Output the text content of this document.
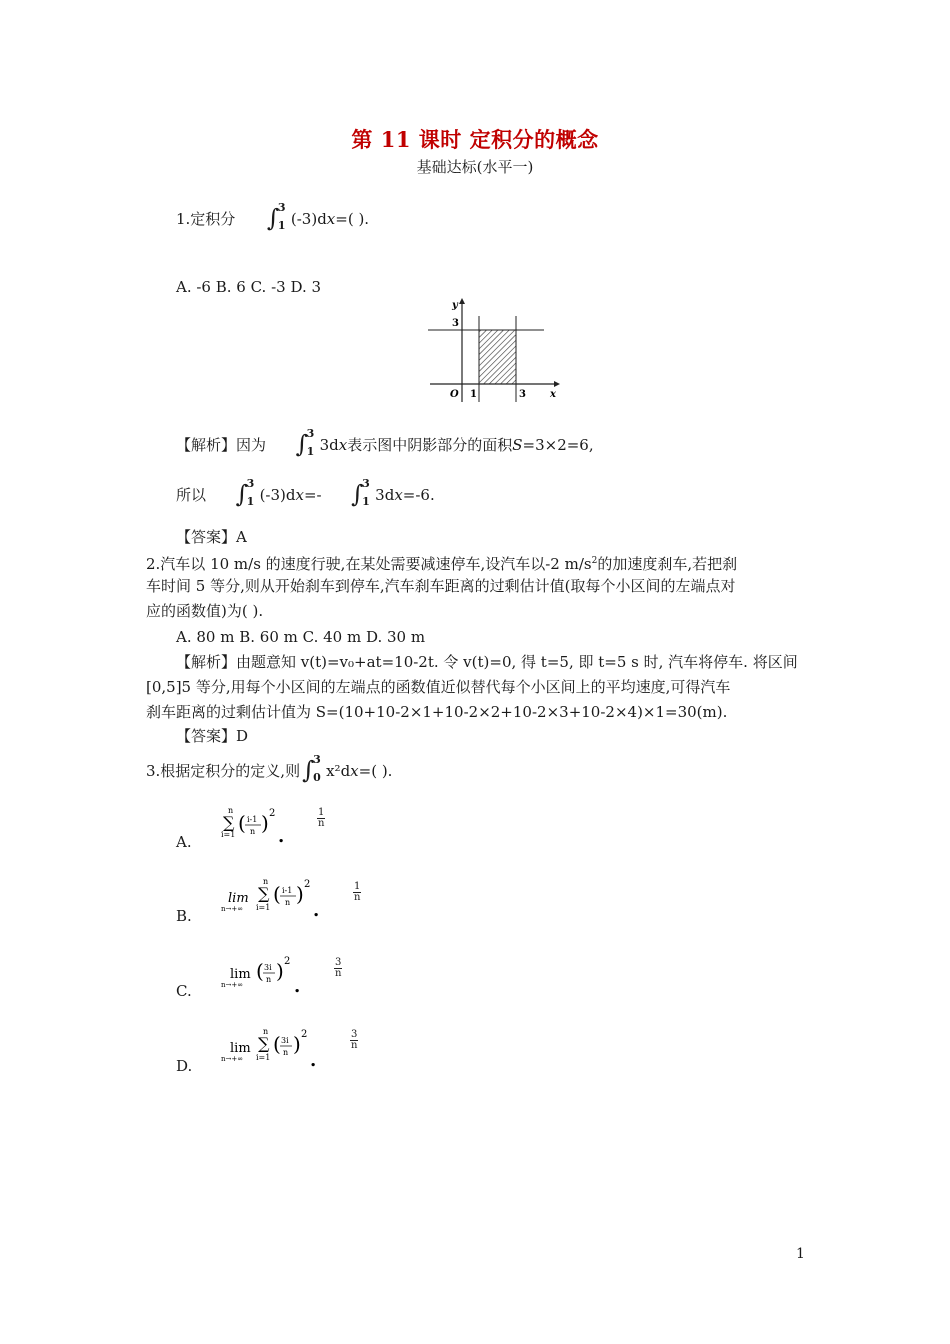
第 11 课时 定积分的概念
基础达标(水平一)
1.定积分 ∫
3
1 (-3)dx=( ).
A. -6 B. 6 C. -3 D. 3
y
x
O 1	3
3
【解析】因为 ∫
3
1 3dx表示图中阴影部分的面积S=3×2=6,
所以 ∫
3
1 (-3)dx=- ∫
3
1 3dx=-6.
【答案】A
2.汽车以 10 m/s 的速度行驶,在某处需要减速停车,设汽车以-2 $m/s^2$的加速度刹车,若把刹
车时间 5 等分,则从开始刹车到停车,汽车刹车距离的过剩估计值(取每个小区间的左端点对
应的函数值)为( ).
A. 80 m B. 60 m C. 40 m D. 30 m
【解析】由题意知 v(t)=v₀+at=10-2t. 令 v(t)=0, 得 t=5, 即 t=5 s 时, 汽车将停车. 将区间
[0,5]5 等分,用每个小区间的左端点的函数值近似替代每个小区间上的平均速度,可得汽车
刹车距离的过剩估计值为 S=(10+10-2×1+10-2×2+10-2×3+10-2×4)×1=30(m).
【答案】D
3.根据定积分的定义,则 ∫
3
0 x²dx=( ).
A.
n
∑
i=1 ( i-1
n ) 2
.
$\frac{1}{n}$
B.
lim
n→+∞
n
∑
i=1
( i-1
n ) 2
.
$\frac{1}{n}$
C.
lim
n→+∞
( 3i
n ) 2
.
$\frac{3}{n}$
D.
lim
n→+∞
n
∑
i=1
( 3i
n ) 2
.
$\frac{3}{n}$
1
